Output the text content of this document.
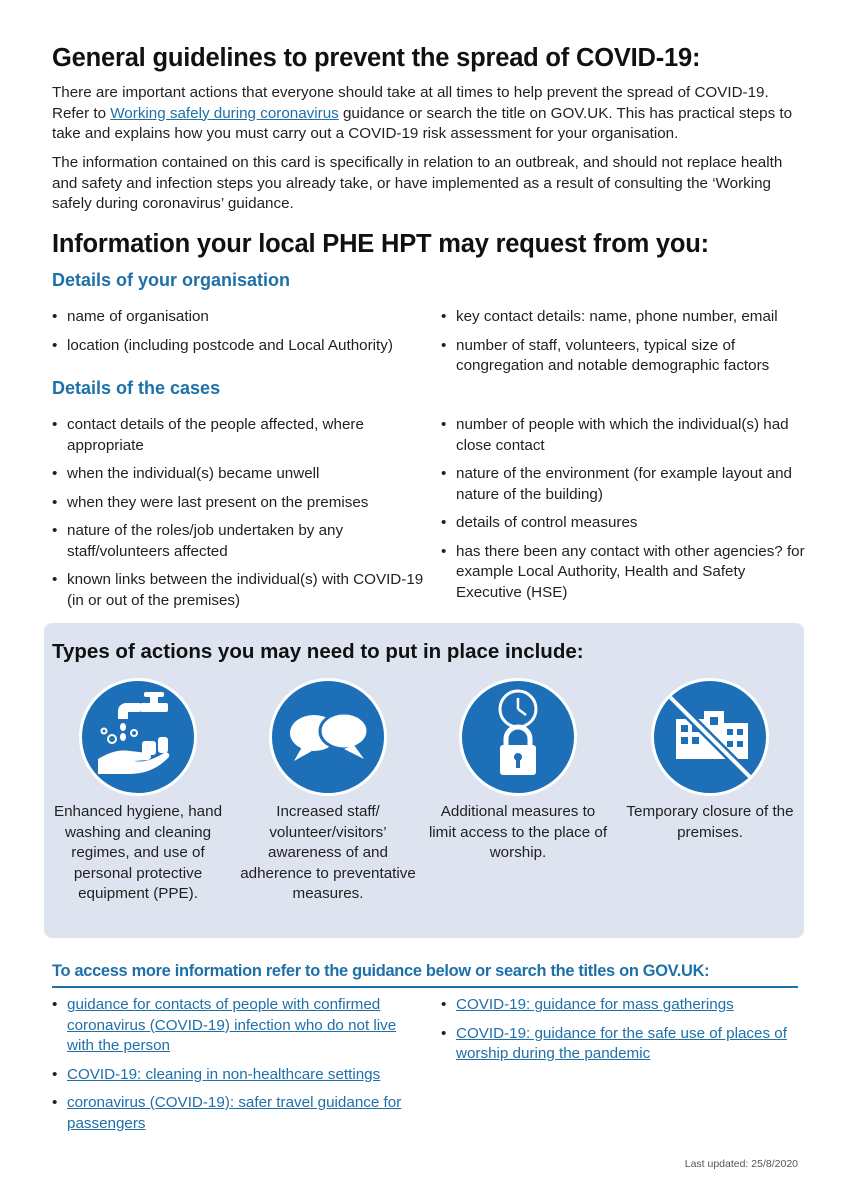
General guidelines to prevent the spread of COVID-19:

There are important actions that everyone should take at all times to help prevent the spread of COVID-19. Refer to Working safely during coronavirus guidance or search the title on GOV.UK. This has practical steps to take and explains how you must carry out a COVID-19 risk assessment for your organisation.

The information contained on this card is specifically in relation to an outbreak, and should not replace health and safety and infection steps you already take, or have implemented as a result of consulting the ‘Working safely during coronavirus’ guidance.

Information your local PHE HPT may request from you:
Details of your organisation
• name of organisation
• location (including postcode and Local Authority)
• key contact details: name, phone number, email
• number of staff, volunteers, typical size of congregation and notable demographic factors
Details of the cases
• contact details of the people affected, where appropriate
• when the individual(s) became unwell
• when they were last present on the premises
• nature of the roles/job undertaken by any staff/volunteers affected
• known links between the individual(s) with COVID-19 (in or out of the premises)
• number of people with which the individual(s) had close contact
• nature of the environment (for example layout and nature of the building)
• details of control measures
• has there been any contact with other agencies? for example Local Authority, Health and Safety Executive (HSE)
Types of actions you may need to put in place include:

Enhanced hygiene, hand washing and cleaning regimes, and use of personal protective equipment (PPE).

Increased staff/ volunteer/visitors’ awareness of and adherence to preventative measures.

Additional measures to limit access to the place of worship.

Temporary closure of the premises.

To access more information refer to the guidance below or search the titles on GOV.UK:
• guidance for contacts of people with confirmed coronavirus (COVID-19) infection who do not live with the person
• COVID-19: cleaning in non-healthcare settings
• coronavirus (COVID-19): safer travel guidance for passengers
• COVID-19: guidance for mass gatherings
• COVID-19: guidance for the safe use of places of worship during the pandemic
Last updated: 25/8/2020
